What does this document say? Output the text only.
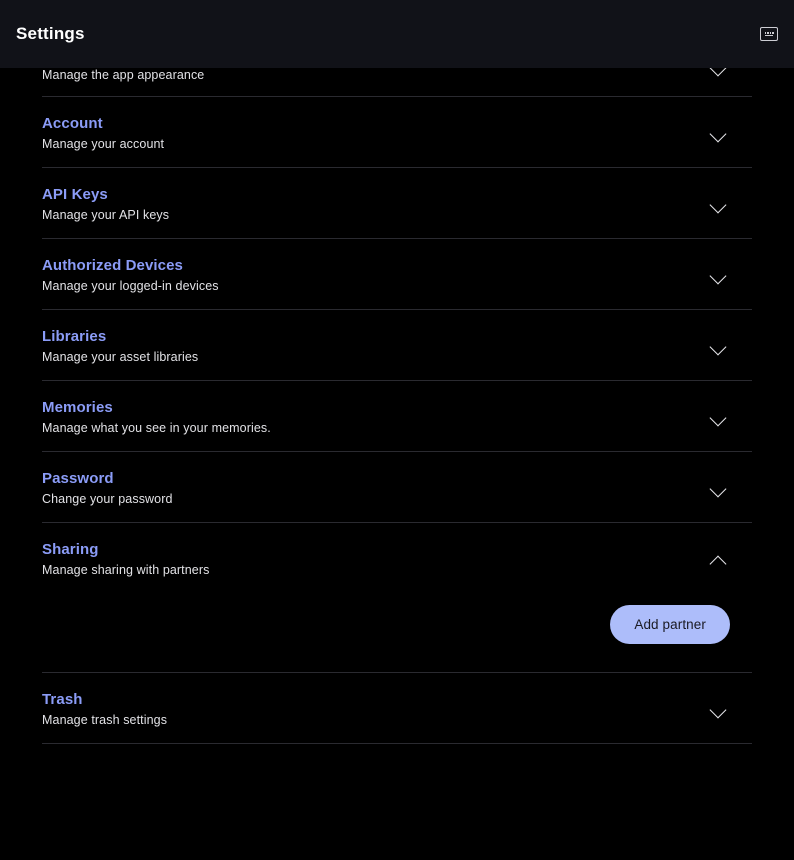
Settings
Manage the app appearance
Account
Manage your account
API Keys
Manage your API keys
Authorized Devices
Manage your logged-in devices
Libraries
Manage your asset libraries
Memories
Manage what you see in your memories.
Password
Change your password
Sharing
Manage sharing with partners
Add partner
Trash
Manage trash settings
